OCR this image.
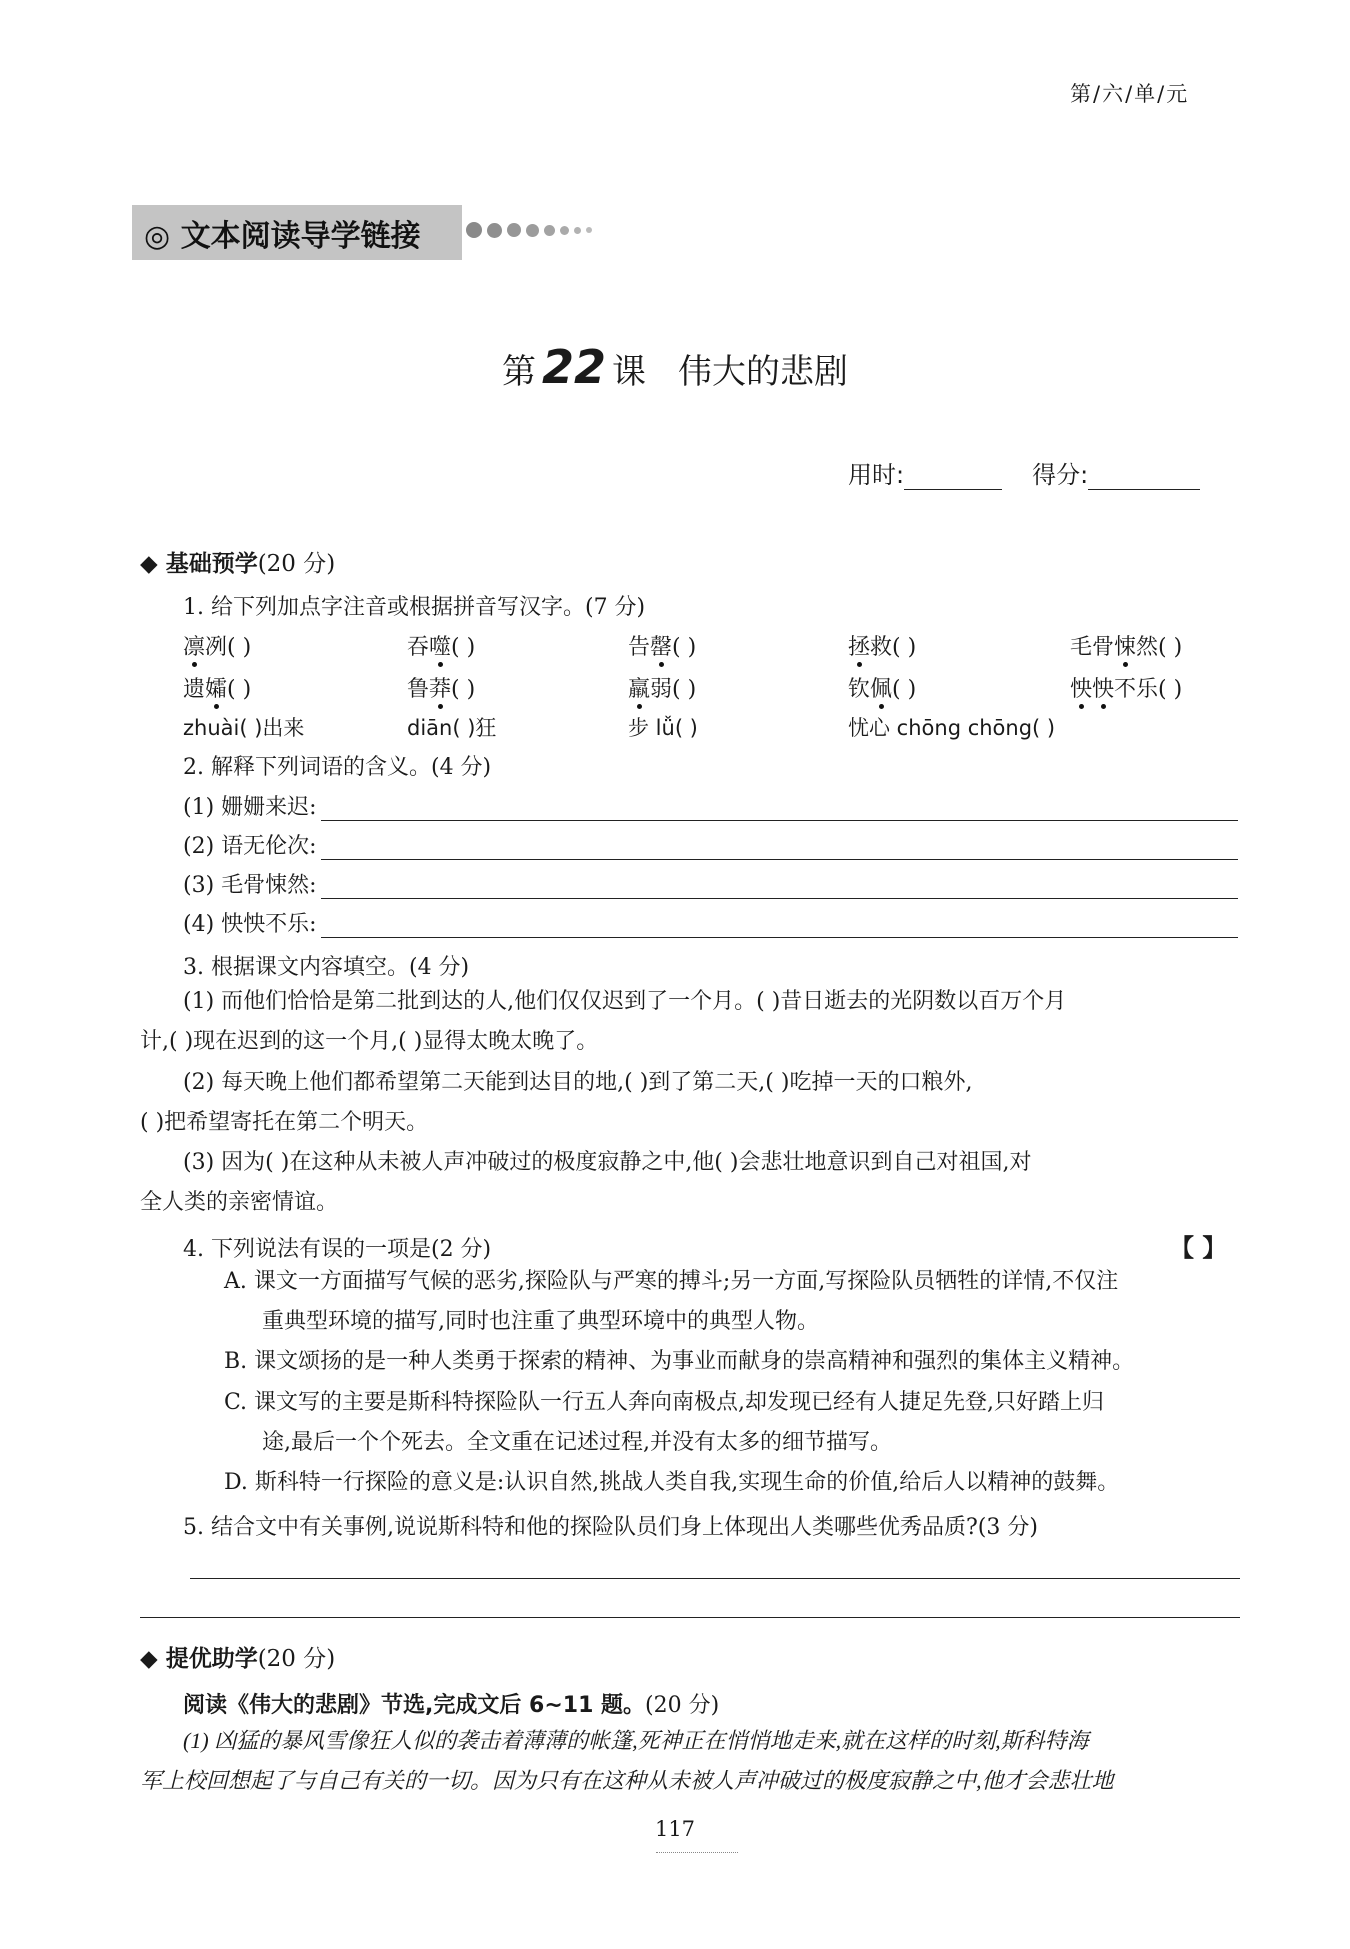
第/六/单/元
◎ 文本阅读导学链接
第 22 课 伟大的悲剧
用时:	得分:
◆ 基础预学(20 分)
1. 给下列加点字注音或根据拼音写汉字。(7 分)
凛冽( )	吞噬( )	告罄( )	拯救( )	毛骨悚然( )
遗孀( )	鲁莽( )	羸弱( )	钦佩( )	怏怏不乐( )
zhuài( )出来	diān( )狂	步 lǚ( )	忧心 chōng chōng( )
2. 解释下列词语的含义。(4 分)
(1) 姗姗来迟:
(2) 语无伦次:
(3) 毛骨悚然:
(4) 怏怏不乐:
3. 根据课文内容填空。(4 分)
(1) 而他们恰恰是第二批到达的人,他们仅仅迟到了一个月。( )昔日逝去的光阴数以百万个月
计,( )现在迟到的这一个月,( )显得太晚太晚了。
(2) 每天晚上他们都希望第二天能到达目的地,( )到了第二天,( )吃掉一天的口粮外,
( )把希望寄托在第二个明天。
(3) 因为( )在这种从未被人声冲破过的极度寂静之中,他( )会悲壮地意识到自己对祖国,对
全人类的亲密情谊。
4. 下列说法有误的一项是(2 分)	【 】
A. 课文一方面描写气候的恶劣,探险队与严寒的搏斗;另一方面,写探险队员牺牲的详情,不仅注
重典型环境的描写,同时也注重了典型环境中的典型人物。
B. 课文颂扬的是一种人类勇于探索的精神、为事业而献身的崇高精神和强烈的集体主义精神。
C. 课文写的主要是斯科特探险队一行五人奔向南极点,却发现已经有人捷足先登,只好踏上归
途,最后一个个死去。全文重在记述过程,并没有太多的细节描写。
D. 斯科特一行探险的意义是:认识自然,挑战人类自我,实现生命的价值,给后人以精神的鼓舞。
5. 结合文中有关事例,说说斯科特和他的探险队员们身上体现出人类哪些优秀品质?(3 分)
◆ 提优助学(20 分)
阅读《伟大的悲剧》节选,完成文后 6~11 题。(20 分)
(1) 凶猛的暴风雪像狂人似的袭击着薄薄的帐篷,死神正在悄悄地走来,就在这样的时刻,斯科特海
军上校回想起了与自己有关的一切。因为只有在这种从未被人声冲破过的极度寂静之中,他才会悲壮地
117
